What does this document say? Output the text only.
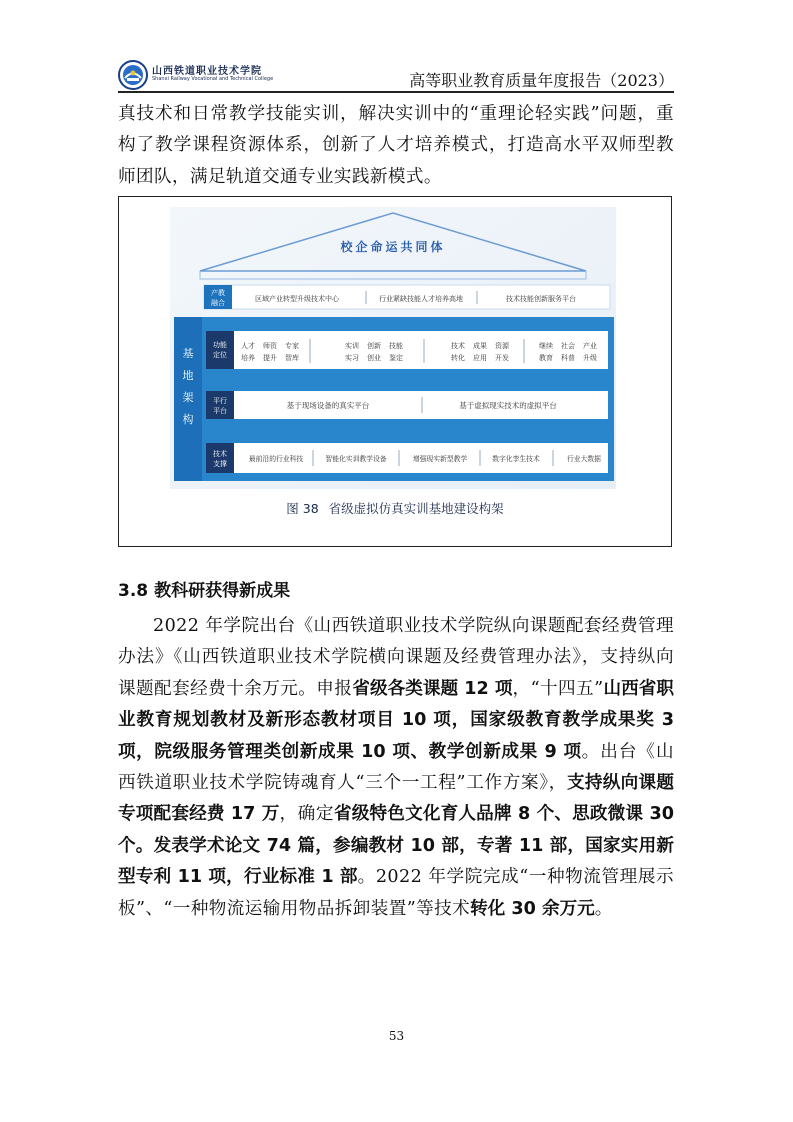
山西铁道职业技术学院
Shanxi Railway Vocational and Technical College	高等职业教育质量年度报告（2023）

真技术和日常教学技能实训，解决实训中的“重理论轻实践”问题，重构了教学课程资源体系，创新了人才培养模式，打造高水平双师型教师团队，满足轨道交通专业实践新模式。

校企命运共同体
产教
融合	区域产业转型升级技术中心	行业紧缺技能人才培养高地	技术技能创新服务平台
基
地
架
构
功能
定位
人才 师资 专家
培养 提升 智库
实训 创新 技能
实习 创业 鉴定
技术 成果 资源
转化 应用 开发
继续 社会 产业
教育 科普 升级
平行
平台
基于现场设备的真实平台	基于虚拟现实技术的虚拟平台
技术
支撑
最前沿的行业科技	智能化实训教学设备	增强现实新型教学	数字化孪生技术	行业大数据
图 38 省级虚拟仿真实训基地建设构架
3.8 教科研获得新成果

2022 年学院出台《山西铁道职业技术学院纵向课题配套经费管理办法》《山西铁道职业技术学院横向课题及经费管理办法》，支持纵向课题配套经费十余万元。申报省级各类课题 12 项，“十四五”山西省职业教育规划教材及新形态教材项目 10 项，国家级教育教学成果奖 3 项，院级服务管理类创新成果 10 项、教学创新成果 9 项。出台《山西铁道职业技术学院铸魂育人“三个一工程”工作方案》，支持纵向课题专项配套经费 17 万，确定省级特色文化育人品牌 8 个、思政微课 30 个。发表学术论文 74 篇，参编教材 10 部，专著 11 部，国家实用新型专利 11 项，行业标准 1 部。2022 年学院完成“一种物流管理展示板”、“一种物流运输用物品拆卸装置”等技术转化 30 余万元。

53
